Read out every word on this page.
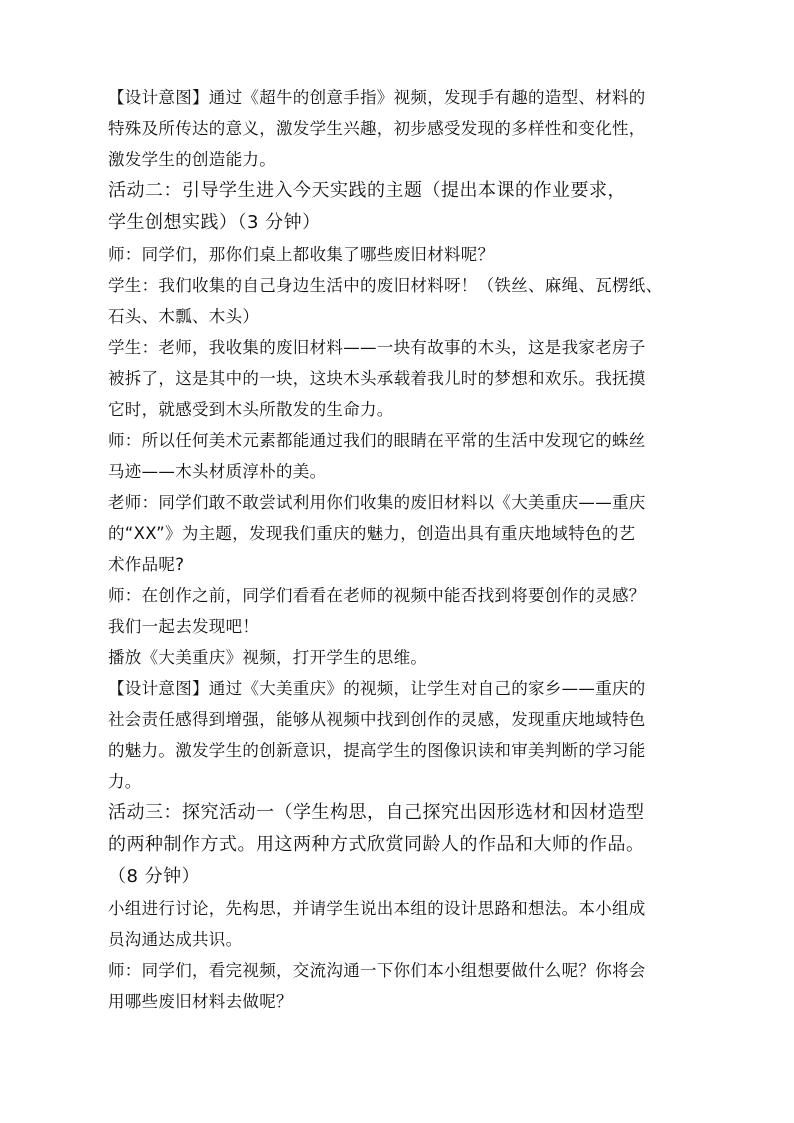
【设计意图】通过《超牛的创意手指》视频，发现手有趣的造型、材料的
特殊及所传达的意义，激发学生兴趣，初步感受发现的多样性和变化性，
激发学生的创造能力。

活动二：引导学生进入今天实践的主题（提出本课的作业要求，
学生创想实践）（3 分钟）

师：同学们，那你们桌上都收集了哪些废旧材料呢？

学生：我们收集的自己身边生活中的废旧材料呀！（铁丝、麻绳、瓦楞纸、
石头、木瓢、木头）

学生：老师，我收集的废旧材料——一块有故事的木头，这是我家老房子
被拆了，这是其中的一块，这块木头承载着我儿时的梦想和欢乐。我抚摸
它时，就感受到木头所散发的生命力。

师：所以任何美术元素都能通过我们的眼睛在平常的生活中发现它的蛛丝
马迹——木头材质淳朴的美。

老师：同学们敢不敢尝试利用你们收集的废旧材料以《大美重庆——重庆
的“XX”》为主题，发现我们重庆的魅力，创造出具有重庆地域特色的艺
术作品呢?

师：在创作之前，同学们看看在老师的视频中能否找到将要创作的灵感？
我们一起去发现吧！

播放《大美重庆》视频，打开学生的思维。

【设计意图】通过《大美重庆》的视频，让学生对自己的家乡——重庆的
社会责任感得到增强，能够从视频中找到创作的灵感，发现重庆地域特色
的魅力。激发学生的创新意识，提高学生的图像识读和审美判断的学习能
力。

活动三：探究活动一（学生构思，自己探究出因形选材和因材造型
的两种制作方式。用这两种方式欣赏同龄人的作品和大师的作品。
（8 分钟）

小组进行讨论，先构思，并请学生说出本组的设计思路和想法。本小组成
员沟通达成共识。

师：同学们，看完视频，交流沟通一下你们本小组想要做什么呢？你将会
用哪些废旧材料去做呢？
